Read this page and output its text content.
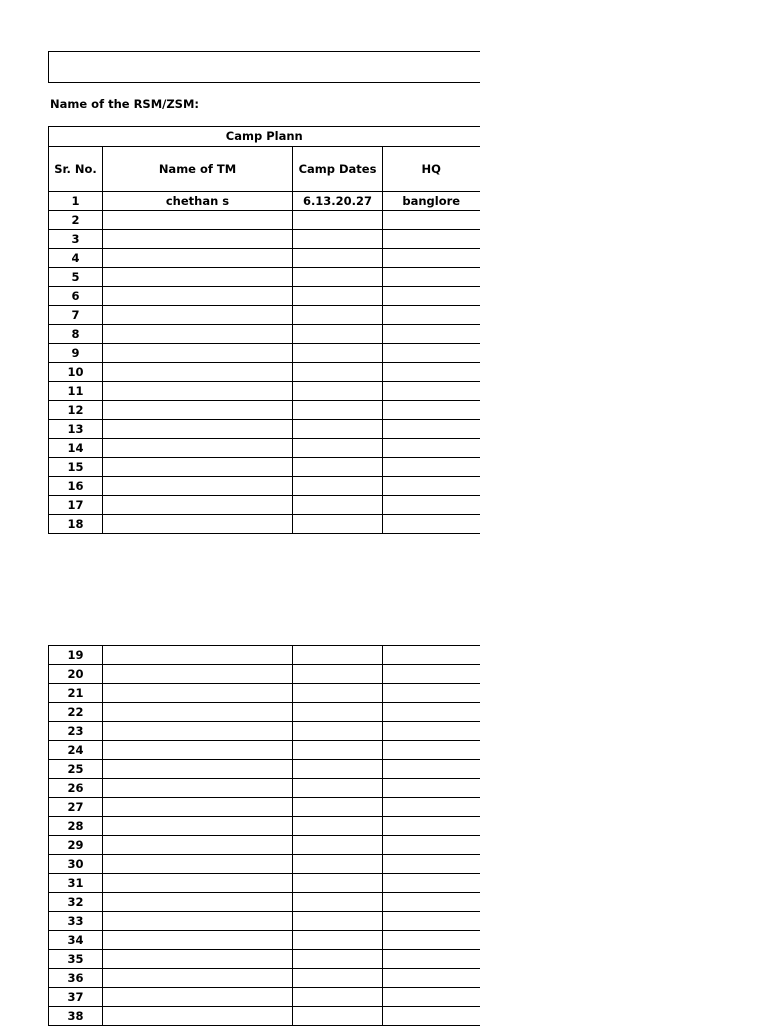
Name of the RSM/ZSM:
Camp Plann			
Sr. No.	Name of TM	Camp Dates	HQ
1	chethan s	6.13.20.27	banglore
2			
3			
4			
5			
6			
7			
8			
9			
10			
11			
12			
13			
14			
15			
16			
17			
18			
19			
20			
21			
22			
23			
24			
25			
26			
27			
28			
29			
30			
31			
32			
33			
34			
35			
36			
37			
38			
